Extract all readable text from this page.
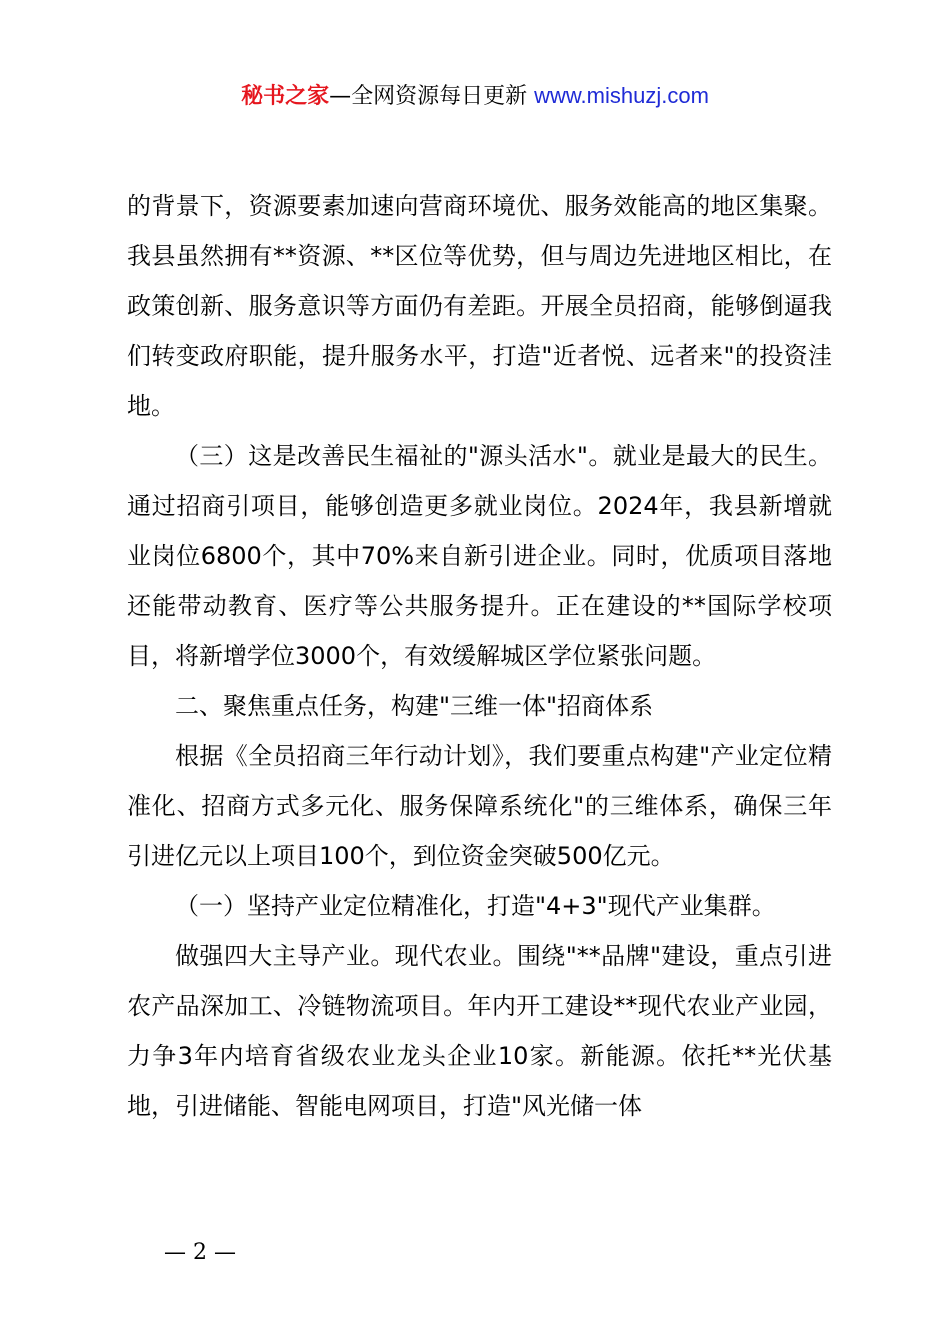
秘书之家—全网资源每日更新 www.mishuzj.com

的背景下，资源要素加速向营商环境优、服务效能高的地区集聚。我县虽然拥有**资源、**区位等优势，但与周边先进地区相比，在政策创新、服务意识等方面仍有差距。开展全员招商，能够倒逼我们转变政府职能，提升服务水平，打造"近者悦、远者来"的投资洼地。

（三）这是改善民生福祉的"源头活水"。就业是最大的民生。通过招商引项目，能够创造更多就业岗位。2024年，我县新增就业岗位6800个，其中70%来自新引进企业。同时，优质项目落地还能带动教育、医疗等公共服务提升。正在建设的**国际学校项目，将新增学位3000个，有效缓解城区学位紧张问题。

二、聚焦重点任务，构建"三维一体"招商体系

根据《全员招商三年行动计划》，我们要重点构建"产业定位精准化、招商方式多元化、服务保障系统化"的三维体系，确保三年引进亿元以上项目100个，到位资金突破500亿元。

（一）坚持产业定位精准化，打造"4+3"现代产业集群。

做强四大主导产业。现代农业。围绕"**品牌"建设，重点引进农产品深加工、冷链物流项目。年内开工建设**现代农业产业园，力争3年内培育省级农业龙头企业10家。新能源。依托**光伏基地，引进储能、智能电网项目，打造"风光储一体

— 2 —
